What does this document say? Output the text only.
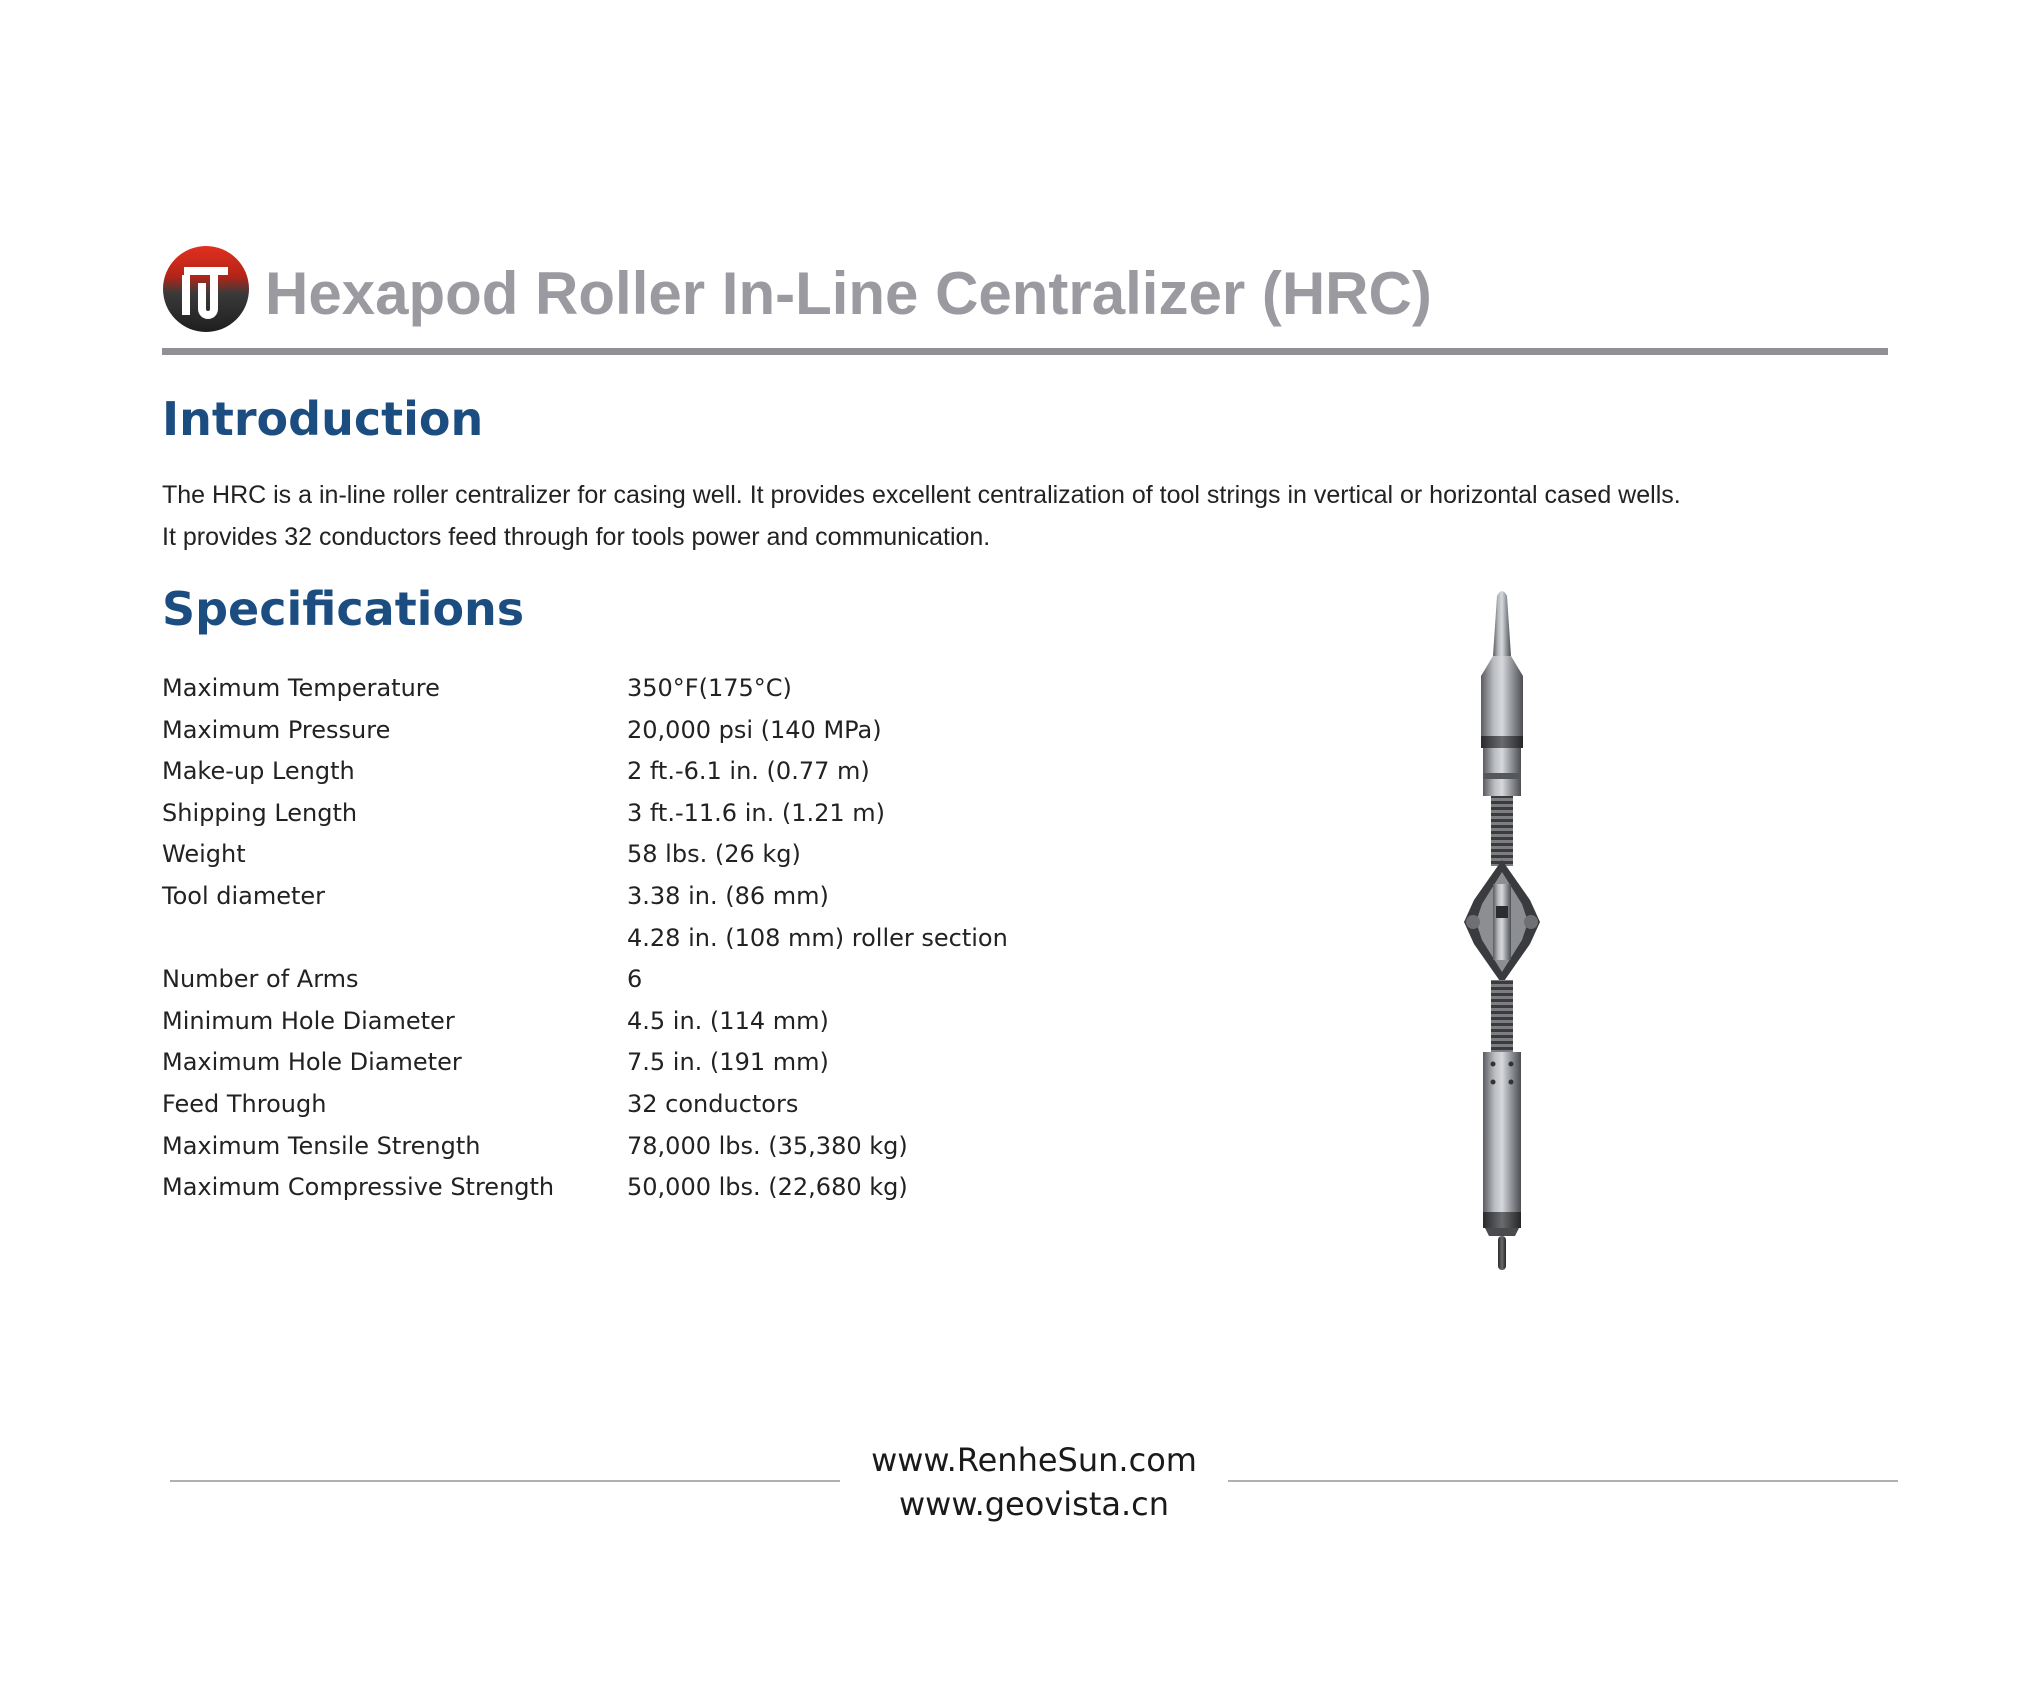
Hexapod Roller In-Line Centralizer (HRC)
Introduction

The HRC is a in-line roller centralizer for casing well. It provides excellent centralization of tool strings in vertical or horizontal cased wells.

It provides 32 conductors feed through for tools power and communication.

Specifications
Maximum Temperature	350°F(175°C)
Maximum Pressure	20,000 psi (140 MPa)
Make-up Length	2 ft.-6.1 in. (0.77 m)
Shipping Length	3 ft.-11.6 in. (1.21 m)
Weight	58 lbs. (26 kg)
Tool diameter	3.38 in. (86 mm)
	4.28 in. (108 mm) roller section
Number of Arms	6
Minimum Hole Diameter	4.5 in. (114 mm)
Maximum Hole Diameter	7.5 in. (191 mm)
Feed Through	32 conductors
Maximum Tensile Strength	78,000 lbs. (35,380 kg)
Maximum Compressive Strength	50,000 lbs. (22,680 kg)
www.RenheSun.com
www.geovista.cn
